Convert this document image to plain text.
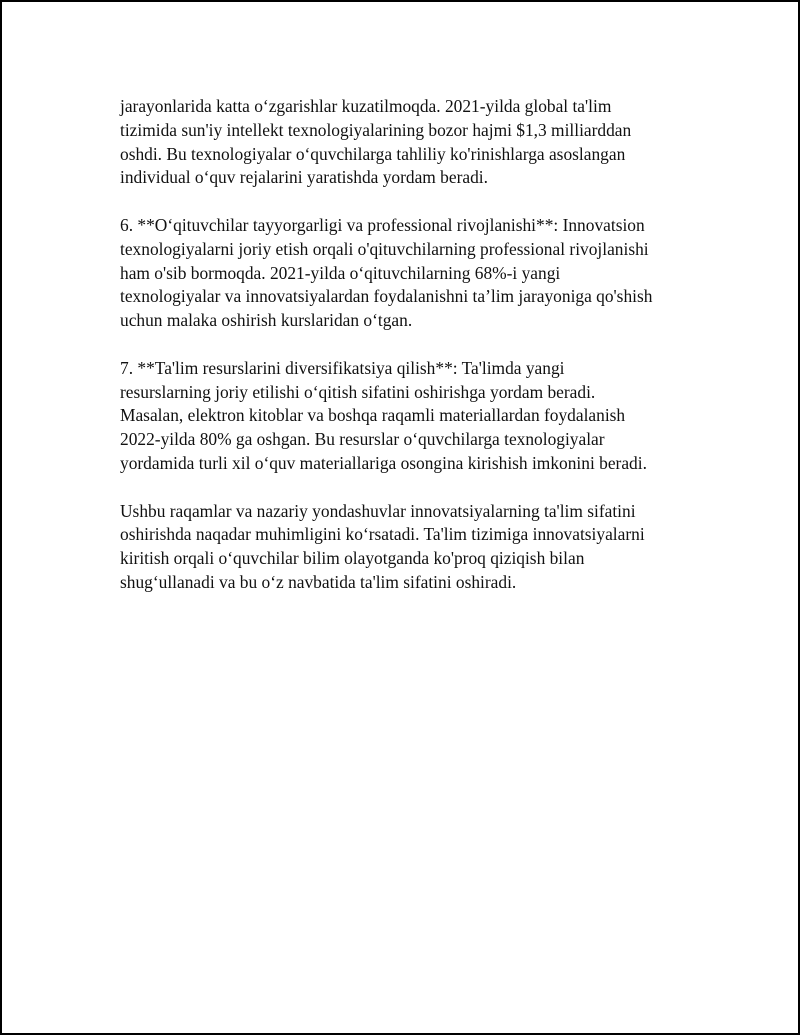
jarayonlarida katta oʻzgarishlar kuzatilmoqda. 2021-yilda global ta'lim
tizimida sun'iy intellekt texnologiyalarining bozor hajmi $1,3 milliarddan
oshdi. Bu texnologiyalar oʻquvchilarga tahliliy ko'rinishlarga asoslangan
individual oʻquv rejalarini yaratishda yordam beradi.

6. **Oʻqituvchilar tayyorgarligi va professional rivojlanishi**: Innovatsion
texnologiyalarni joriy etish orqali o'qituvchilarning professional rivojlanishi
ham o'sib bormoqda. 2021-yilda oʻqituvchilarning 68%-i yangi
texnologiyalar va innovatsiyalardan foydalanishni ta’lim jarayoniga qo'shish
uchun malaka oshirish kurslaridan oʻtgan.

7. **Ta'lim resurslarini diversifikatsiya qilish**: Ta'limda yangi
resurslarning joriy etilishi oʻqitish sifatini oshirishga yordam beradi.
Masalan, elektron kitoblar va boshqa raqamli materiallardan foydalanish
2022-yilda 80% ga oshgan. Bu resurslar oʻquvchilarga texnologiyalar
yordamida turli xil oʻquv materiallariga osongina kirishish imkonini beradi.

Ushbu raqamlar va nazariy yondashuvlar innovatsiyalarning ta'lim sifatini
oshirishda naqadar muhimligini koʻrsatadi. Ta'lim tizimiga innovatsiyalarni
kiritish orqali oʻquvchilar bilim olayotganda ko'proq qiziqish bilan
shugʻullanadi va bu oʻz navbatida ta'lim sifatini oshiradi.
